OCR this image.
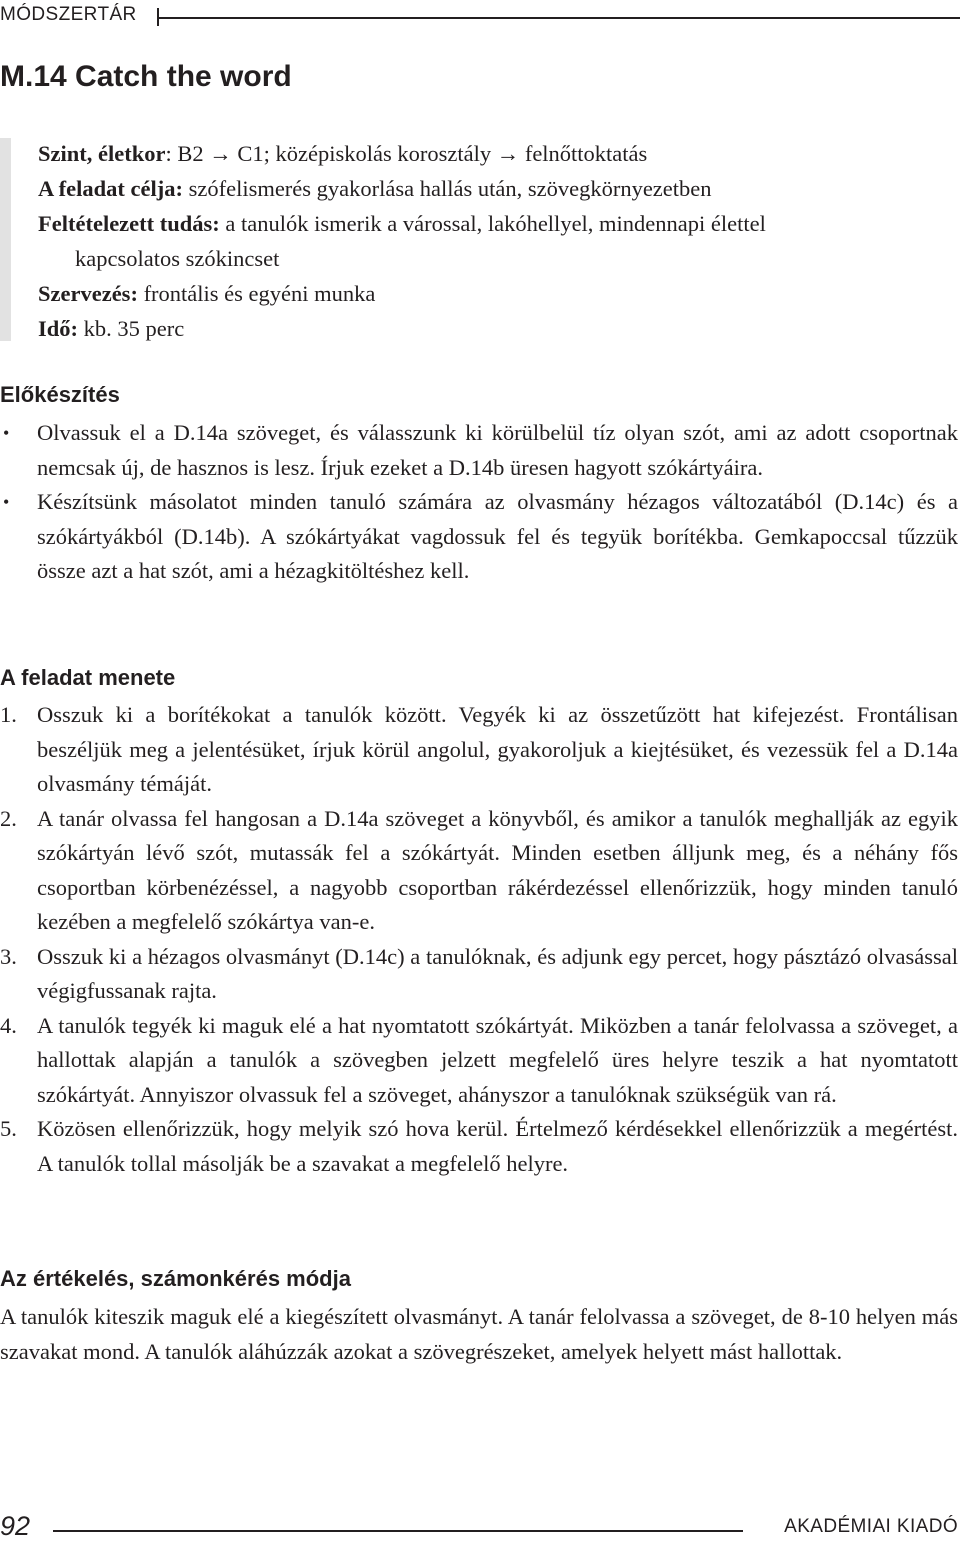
MÓDSZERTÁR
M.14 Catch the word
Szint, életkor: B2 → C1; középiskolás korosztály → felnőttoktatás
A feladat célja: szófelismerés gyakorlása hallás után, szövegkörnyezetben
Feltételezett tudás: a tanulók ismerik a várossal, lakóhellyel, mindennapi élettel
kapcsolatos szókincset
Szervezés: frontális és egyéni munka
Idő: kb. 35 perc
Előkészítés
• Olvassuk el a D.14a szöveget, és válasszunk ki körülbelül tíz olyan szót, ami az adott csoportnak nemcsak új, de hasznos is lesz. Írjuk ezeket a D.14b üresen hagyott szókártyáira.
• Készítsünk másolatot minden tanuló számára az olvasmány hézagos változatából (D.14c) és a szókártyákból (D.14b). A szókártyákat vagdossuk fel és tegyük borítékba. Gemkapoccsal tűzzük össze azt a hat szót, ami a hézagkitöltéshez kell.
A feladat menete
1. Osszuk ki a borítékokat a tanulók között. Vegyék ki az összetűzött hat kifejezést. Frontálisan beszéljük meg a jelentésüket, írjuk körül angolul, gyakoroljuk a kiejtésüket, és vezessük fel a D.14a olvasmány témáját.
2. A tanár olvassa fel hangosan a D.14a szöveget a könyvből, és amikor a tanulók meghallják az egyik szókártyán lévő szót, mutassák fel a szókártyát. Minden esetben álljunk meg, és a néhány fős csoportban körbenézéssel, a nagyobb csoportban rákérdezéssel ellenőrizzük, hogy minden tanuló kezében a megfelelő szókártya van-e.
3. Osszuk ki a hézagos olvasmányt (D.14c) a tanulóknak, és adjunk egy percet, hogy pásztázó olvasással végigfussanak rajta.
4. A tanulók tegyék ki maguk elé a hat nyomtatott szókártyát. Miközben a tanár felolvassa a szöveget, a hallottak alapján a tanulók a szövegben jelzett megfelelő üres helyre teszik a hat nyomtatott szókártyát. Annyiszor olvassuk fel a szöveget, ahányszor a tanulóknak szükségük van rá.
5. Közösen ellenőrizzük, hogy melyik szó hova kerül. Értelmező kérdésekkel ellenőrizzük a megértést. A tanulók tollal másolják be a szavakat a megfelelő helyre.
Az értékelés, számonkérés módja
A tanulók kiteszik maguk elé a kiegészített olvasmányt. A tanár felolvassa a szöveget, de 8-10 helyen más szavakat mond. A tanulók aláhúzzák azokat a szövegrészeket, amelyek helyett mást hallottak.
92	AKADÉMIAI KIADÓ
